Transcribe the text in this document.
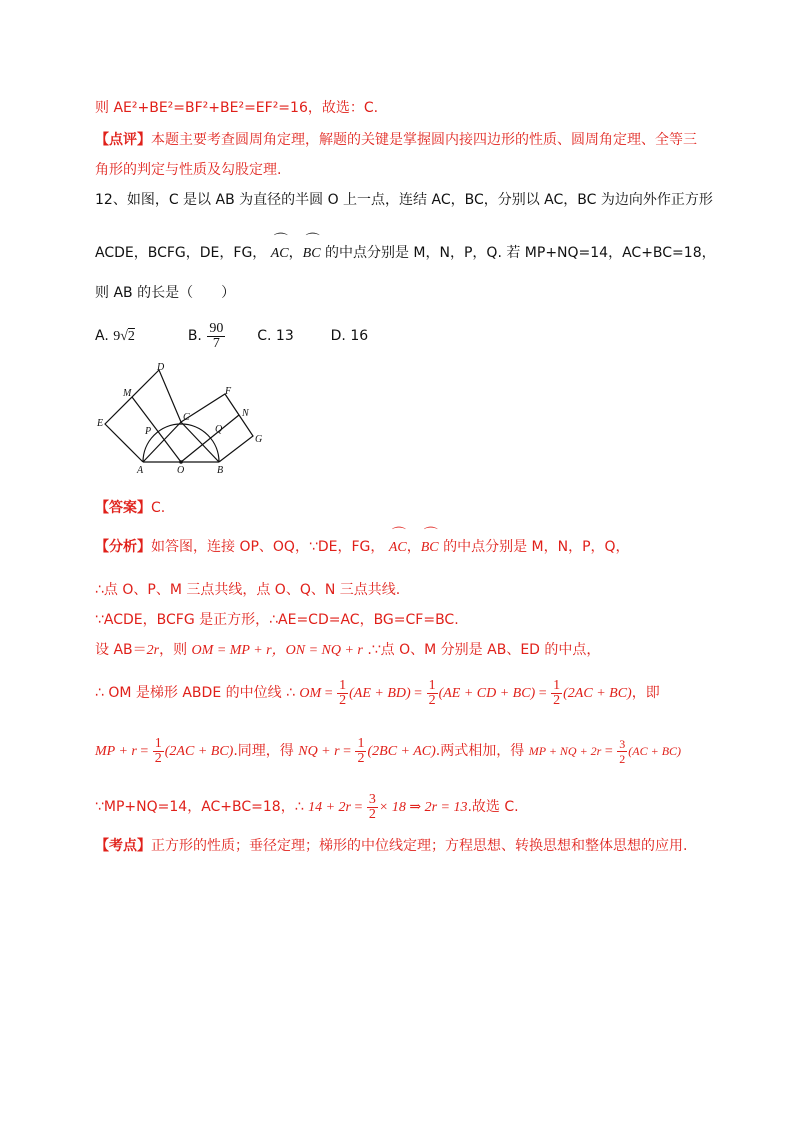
则 AE²+BE²=BF²+BE²=EF²=16，故选：C.
【点评】本题主要考查圆周角定理，解题的关键是掌握圆内接四边形的性质、圆周角定理、全等三
角形的判定与性质及勾股定理.
12、如图，C 是以 AB 为直径的半圆 O 上一点，连结 AC，BC，分别以 AC，BC 为边向外作正方形
ACDE，BCFG，DE，FG，
⌒
AC，
⌒
BC 的中点分别是 M，N，P，Q. 若 MP+NQ=14，AC+BC=18，
则 AB 的长是（　　）
A. 9√2	B. $\frac{90}{7} C$. 13	D. 16
A	B
O
C
D
E
F
G
M
N
P	Q
【答案】C.
【分析】如答图，连接 OP、OQ，∵DE，FG，
⌒
AC，
⌒
BC 的中点分别是 M，N，P，Q，
∴点 O、P、M 三点共线，点 O、Q、N 三点共线.
∵ACDE，BCFG 是正方形，∴AE=CD=AC，BG=CF=BC.
设 AB＝2r，则 OM = MP + r，ON = NQ + r .∵点 O、M 分别是 AB、ED 的中点，
∴ OM 是梯形 ABDE 的中位线 ∴ OM = $\frac{1}{2} (AE + BD) = \frac{1}{2} (AE$ + CD + $BC) = \frac{1}{2} (2AC + BC)$，即
MP + $r = \frac{1}{2} (2AC + BC)$.同理，得 NQ + $r = \frac{1}{2} (2BC + AC)$.两式相加，得 MP + NQ + $2r = \frac{3}{2} (AC + BC)$
∵MP+NQ=14，AC+BC=18，∴ $14 + 2r = \frac{3}{2} \times 18$ ⇒ 2r = 13.故选 C.
【考点】正方形的性质；垂径定理；梯形的中位线定理；方程思想、转换思想和整体思想的应用.
